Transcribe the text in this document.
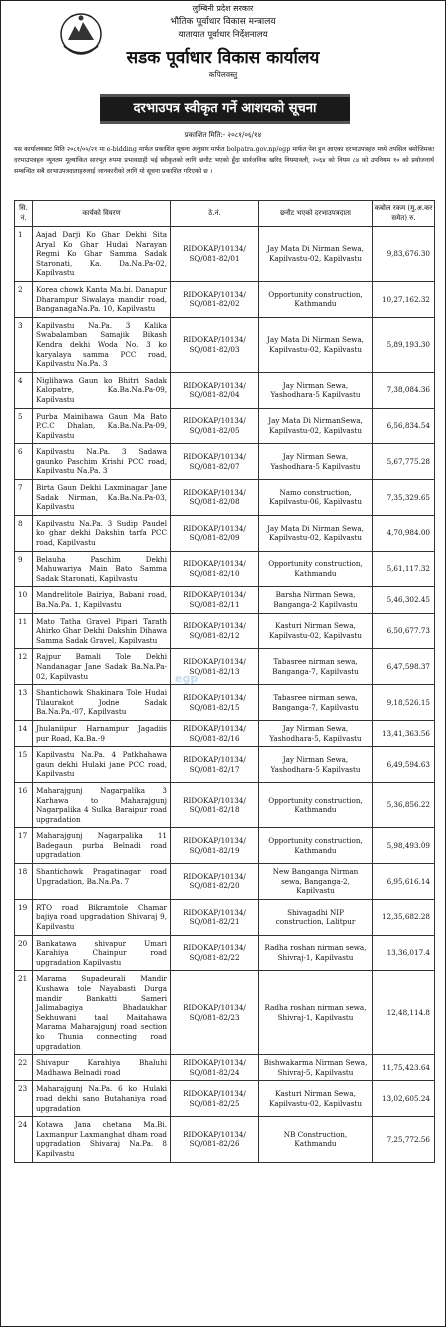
लुम्बिनी प्रदेश सरकार
भौतिक पूर्वाधार विकास मन्त्रालय
यातायात पूर्वाधार निर्देशनालय
सडक पूर्वाधार विकास कार्यालय
कपिलवस्तु
दरभाउपत्र स्वीकृत गर्ने आशयको सूचना
प्रकाशित मिति:- २०८१/०६/१४
यस कार्यालयबाट मिति २०८१/०५/२१ मा e-bidding मार्फत प्रकाशित सूचना अनुसार मार्फत bolpatra.gov.np/egp मार्फत पेश हुन आएका दरभाउपत्रहरु मध्ये तपसिल बमोजिमका दरभाउपत्रहरु न्यूनतम मूल्यांकित सारभूत रुपमा प्रभावग्राही भई स्वीकृतको लागि छनौट भएको हुँदा सार्वजनिक खरिद नियमावली, २०६४ को नियम ८४ को उपनियम १० को प्रयोजनार्थ सम्बन्धित सबै दरभाउपत्रदाताहरुलाई जानकारीको लागि यो सूचना प्रकाशित गरिएको छ ।
सि. नं.	कार्यको विवरण	ठे.नं.	छनौट भएको दरभाउपत्रदाता	कबोल रकम (मु.अ.कर समेत) रु.
1	Aajad Darji Ko Ghar Dekhi Sita Aryal Ko Ghar Hudai Narayan Regmi Ko Ghar Samma Sadak Staronati, Ka. Da.Na.Pa-02, Kapilvastu	RIDOKAP/10134/ SQ/081-82/01	Jay Mata Di Nirman Sewa, Kapilvastu-02, Kapilvastu	9,83,676.30
2	Korea chowk Kanta Ma.bi. Danapur Dharampur Siwalaya mandir road, BanganagaNa.Pa. 10, Kapilvastu	RIDOKAP/10134/ SQ/081-82/02	Opportunity construction, Kathmandu	10,27,162.32
3	Kapilvastu Na.Pa. 3 Kalika Swabalamban Samajik Bikash Kendra dekhi Woda No. 3 ko karyalaya samma PCC road, Kapilvastu Na.Pa. 3	RIDOKAP/10134/ SQ/081-82/03	Jay Mata Di Nirman Sewa, Kapilvastu-02, Kapilvastu	5,89,193.30
4	Niglihawa Gaun ko Bhitri Sadak Kalopatre, Ka.Ba.Na.Pa-09, Kapilvastu	RIDOKAP/10134/ SQ/081-82/04	Jay Nirman Sewa, Yashodhara-5 Kapilvastu	7,38,084.36
5	Purba Mainihawa Gaun Ma Bato P.C.C Dhalan, Ka.Ba.Na.Pa-09, Kapilvastu	RIDOKAP/10134/ SQ/081-82/05	Jay Mata Di NirmanSewa, Kapilvastu-02, Kapilvastu	6,56,834.54
6	Kapilvastu Na.Pa. 3 Sadawa gaunko Paschim Krishi PCC road, Kapilvastu Na.Pa. 3	RIDOKAP/10134/ SQ/081-82/07	Jay Nirman Sewa, Yashodhara-5 Kapilvastu	5,67,775.28
7	Birta Gaun Dekhi Laxminagar Jane Sadak Nirman, Ka.Ba.Na.Pa-03, Kapilvastu	RIDOKAP/10134/ SQ/081-82/08	Namo construction, Kapilvastu-06, Kapilvastu	7,35,329.65
8	Kapilvastu Na.Pa. 3 Sudip Paudel ko ghar dekhi Dakshin tarfa PCC road, Kapilvastu	RIDOKAP/10134/ SQ/081-82/09	Jay Mata Di Nirman Sewa, Kapilvastu-02, Kapilvastu	4,70,984.00
9	Belauha Paschim Dekhi Mahuwariya Main Bato Samma Sadak Staronati, Kapilvastu	RIDOKAP/10134/ SQ/081-82/10	Opportunity construction, Kathmandu	5,61,117.32
10	Mandrelitole Bairiya, Babani road, Ba.Na.Pa. 1, Kapilvastu	RIDOKAP/10134/ SQ/081-82/11	Barsha Nirman Sewa, Banganga-2 Kapilvastu	5,46,302.45
11	Mato Tatha Gravel Pipari Tarath Ahirko Ghar Dekhi Dakshin Dihawa Samma Sadak Gravel, Kapilvastu	RIDOKAP/10134/ SQ/081-82/12	Kasturi Nirman Sewa, Kapilvastu-02, Kapilvastu	6,50,677.73
12	Rajpur Bamali Tole Dekhi Nandanagar Jane Sadak Ba.Na.Pa-02, Kapilvastu	RIDOKAP/10134/ SQ/081-82/13	Tabasree nirman sewa, Banganga-7, Kapilvastu	6,47,598.37
13	Shantichowk Shakinara Tole Hudai Tilaurakot Jodne Sadak Ba.Na.Pa.-07, Kapilvastu	RIDOKAP/10134/ SQ/081-82/15	Tabasree nirman sewa, Banganga-7, Kapilvastu	9,18,526.15
14	Jhulaniipur Harnampur Jagadiis pur Road, Ka.Ba.-9	RIDOKAP/10134/ SQ/081-82/16	Jay Nirman Sewa, Yashodhara-5, Kapilvastu	13,41,363.56
15	Kapilvastu Na.Pa. 4 Patkhahawa gaun dekhi Hulaki jane PCC road, Kapilvastu	RIDOKAP/10134/ SQ/081-82/17	Jay Nirman Sewa, Yashodhara-5 Kapilvastu	6,49,594.63
16	Maharajgunj Nagarpalika 3 Karhawa to Maharajgunj Nagarpalika 4 Sulka Baraipur road upgradation	RIDOKAP/10134/ SQ/081-82/18	Opportunity construction, Kathmandu	5,36,856.22
17	Maharajgunj Nagarpalika 11 Badegaun purba Belnadi road upgradation	RIDOKAP/10134/ SQ/081-82/19	Opportunity construction, Kathmandu	5,98,493.09
18	Shantichowk Pragatinagar road Upgradation, Ba.Na.Pa. 7	RIDOKAP/10134/ SQ/081-82/20	New Banganga Nirman sewa, Banganga-2, Kapilvastu	6,95,616.14
19	RTO road Bikramtole Chamar bajiya road upgradation Shivaraj 9, Kapilvastu	RIDOKAP/10134/ SQ/081-82/21	Shivagadhi NIP construction, Lalitpur	12,35,682.28
20	Bankatawa shivapur Umari Karahiya Chainpur road upgradation Kapilvastu	RIDOKAP/10134/ SQ/081-82/22	Radha roshan nirman sewa, Shivraj-1, Kapilvastu	13,36,017.4
21	Marama Supadeurali Mandir Kushawa tole Nayabasti Durga mandir Bankatti Sameri Jalimabagiya Bhadaukhar Sekhuwani taal Maitahawa Marama Maharajgunj road section ko Thunia connecting road upgradation	RIDOKAP/10134/ SQ/081-82/23	Radha roshan nirman sewa, Shivraj-1, Kapilvastu	12,48,114.8
22	Shivapur Karahiya Bhaluhi Madhawa Belnadi road	RIDOKAP/10134/ SQ/081-82/24	Bishwakarma Nirman Sewa, Shivraj-5, Kapilvastu	11,75,423.64
23	Maharajgunj Na.Pa. 6 ko Hulaki road dekhi sano Butahaniya road upgradation	RIDOKAP/10134/ SQ/081-82/25	Kasturi Nirman Sewa, Kapilvastu-02, Kapilvastu	13,02,605.24
24	Kotawa Jana chetana Ma.Bi. Laxmanpur Laxmanghat dham road upgradation Shivaraj Na.Pa. 8 Kapilvastu	RIDOKAP/10134/ SQ/081-82/26	NB Construction, Kathmandu	7,25,772.56
egp
